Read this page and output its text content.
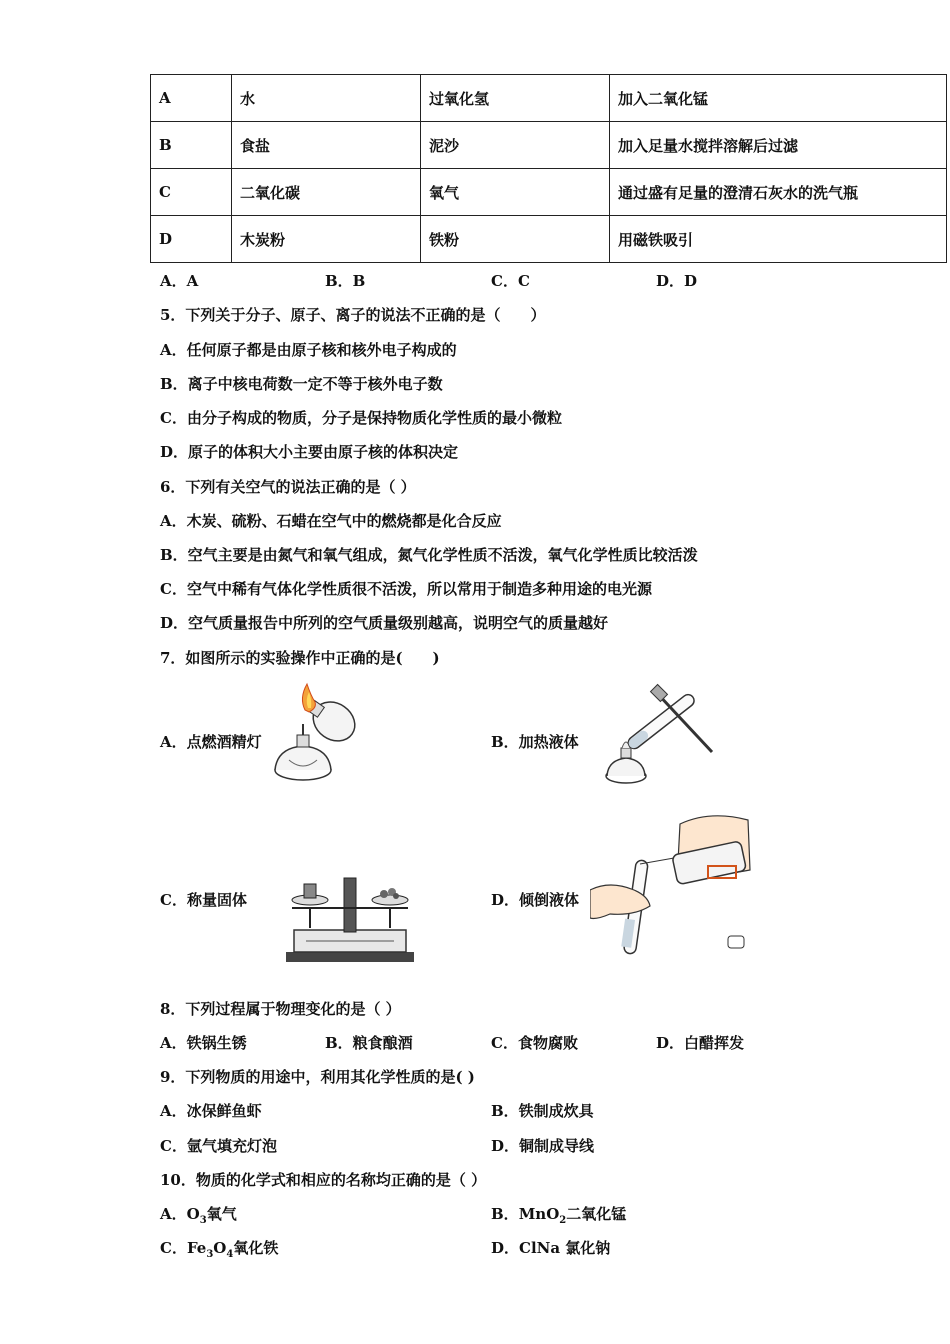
A	水	过氧化氢	加入二氧化锰
B	食盐	泥沙	加入足量水搅拌溶解后过滤
C	二氧化碳	氧气	通过盛有足量的澄清石灰水的洗气瓶
D	木炭粉	铁粉	用磁铁吸引
A．A	B．B	C．C	D．D
5．下列关于分子、原子、离子的说法不正确的是（　　）
A．任何原子都是由原子核和核外电子构成的
B．离子中核电荷数一定不等于核外电子数
C．由分子构成的物质，分子是保持物质化学性质的最小微粒
D．原子的体积大小主要由原子核的体积决定
6．下列有关空气的说法正确的是（ ）
A．木炭、硫粉、石蜡在空气中的燃烧都是化合反应
B．空气主要是由氮气和氧气组成，氮气化学性质不活泼，氧气化学性质比较活泼
C．空气中稀有气体化学性质很不活泼，所以常用于制造多种用途的电光源
D．空气质量报告中所列的空气质量级别越高，说明空气的质量越好
7．如图所示的实验操作中正确的是(　　)
A．点燃酒精灯	B．加热液体
C．称量固体	D．倾倒液体
8．下列过程属于物理变化的是（ ）
A．铁锅生锈	B．粮食酿酒	C．食物腐败	D．白醋挥发
9．下列物质的用途中，利用其化学性质的是( )
A．冰保鲜鱼虾	B．铁制成炊具
C．氩气填充灯泡	D．铜制成导线
10．物质的化学式和相应的名称均正确的是（ ）
A．$O_3$氧气	B．MnO$_2$二氧化锰
C．$Fe_3O_4$氧化铁	D．ClNa 氯化钠
